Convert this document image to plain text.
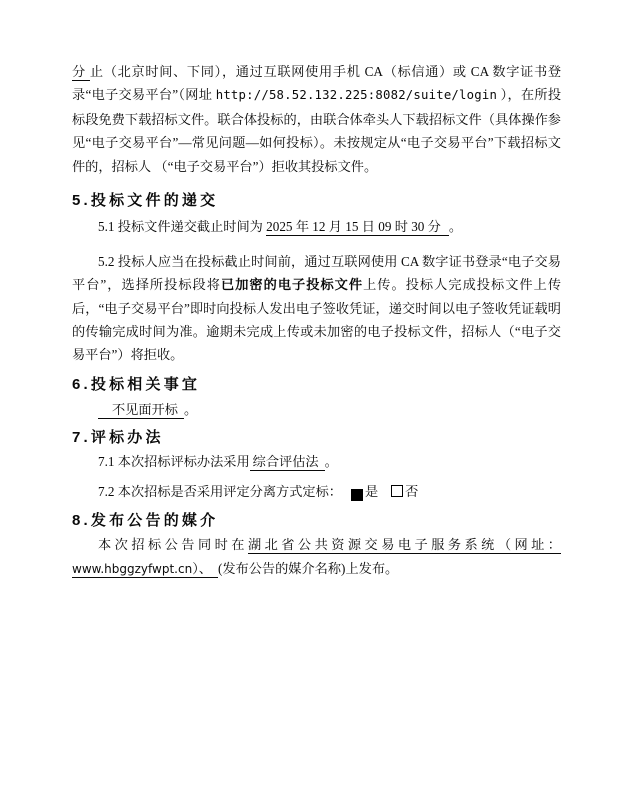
分 止（北京时间、下同），通过互联网使用手机 CA（标信通）或 CA 数字证书登录“电子交易平台”（网址 http://58.52.132.225:8082/suite/login ），在所投标段免费下载招标文件。联合体投标的，由联合体牵头人下载招标文件（具体操作参见“电子交易平台”—常见问题—如何投标）。未按规定从“电子交易平台”下载招标文件的，招标人 （“电子交易平台”）拒收其投标文件。

5.投标文件的递交

5.1 投标文件递交截止时间为 2025 年 12 月 15 日 09 时 30 分 。

5.2 投标人应当在投标截止时间前，通过互联网使用 CA 数字证书登录“电子交易平台”，选择所投标段将已加密的电子投标文件上传。投标人完成投标文件上传后，“电子交易平台”即时向投标人发出电子签收凭证，递交时间以电子签收凭证载明的传输完成时间为准。逾期未完成上传或未加密的电子投标文件，招标人（“电子交易平台”）将拒收。

6.投标相关事宜

不见面开标 。

7.评标办法

7.1 本次招标评标办法采用 综合评估法 。

7.2 本次招标是否采用评定分离方式定标：	✓是 否

8.发布公告的媒介

本次招标公告同时在湖北省公共资源交易电子服务系统（网址： www.hbggzyfwpt.cn）、 (发布公告的媒介名称)上发布。
